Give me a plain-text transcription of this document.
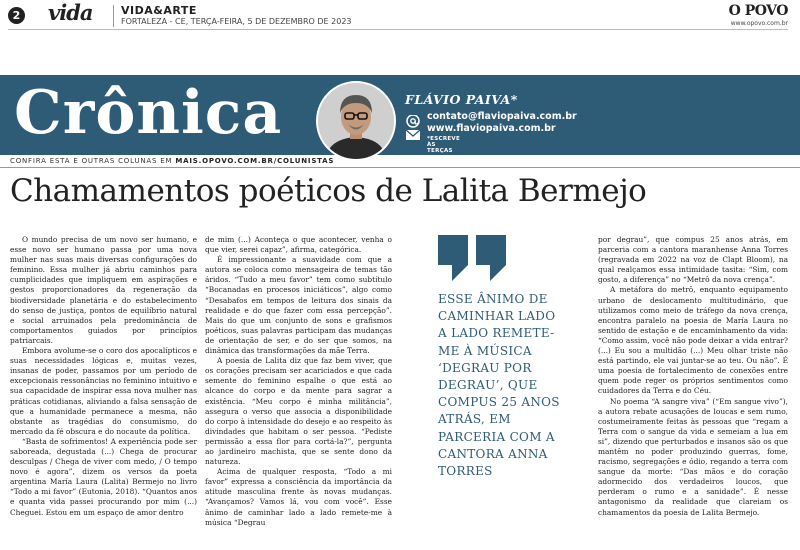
2 vida	VIDA&ARTE
FORTALEZA - CE, TERÇA-FEIRA, 5 DE DEZEMBRO DE 2023
O POVO
www.opovo.com.br
Crônica	FLÁVIO PAIVA*
contato@flaviopaiva.com.br
www.flaviopaiva.com.br
*ESCREVE ÀS TERÇAS
CONFIRA ESTA E OUTRAS COLUNAS EM MAIS.OPOVO.COM.BR/COLUNISTAS
Chamamentos poéticos de Lalita Bermejo

O mundo precisa de um novo ser humano, e esse novo ser humano passa por uma nova mulher nas suas mais diversas configurações do feminino. Essa mulher já abriu caminhos para cumplicidades que impliquem em aspirações e gestos proporcionadores da regeneração da biodiversidade planetária e do estabelecimento do senso de justiça, pontos de equilíbrio natural e social arruinados pela predominância de comportamentos guiados por princípios patriarcais.

Embora avolume-se o coro dos apocalípticos e suas necessidades lógicas e, muitas vezes, insanas de poder, passamos por um período de excepcionais ressonâncias no feminino intuitivo e sua capacidade de inspirar essa nova mulher nas práticas cotidianas, aliviando a falsa sensação de que a humanidade permanece a mesma, não obstante as tragédias do consumismo, do mercado da fé obscura e do nocaute da política.

“Basta de sofrimentos! A experiência pode ser saboreada, degustada (...) Chega de procurar desculpas / Chega de viver com medo, / O tempo novo é agora”, dizem os versos da poeta argentina María Laura (Lalita) Bermejo no livro “Todo a mi favor” (Eutonia, 2018). “Quantos anos e quanta vida passei procurando por mim (...) Cheguei. Estou em um espaço de amor dentro

de mim (...) Aconteça o que acontecer, venha o que vier, serei capaz”, afirma, categórica.

É impressionante a suavidade com que a autora se coloca como mensageira de temas tão áridos. “Tudo a meu favor” tem como subtítulo “Bocanadas en procesos iniciáticos”, algo como “Desabafos em tempos de leitura dos sinais da realidade e do que fazer com essa percepção”. Mais do que um conjunto de sons e grafismos poéticos, suas palavras participam das mudanças de orientação de ser, e do ser que somos, na dinâmica das transformações da mãe Terra.

A poesia de Lalita diz que faz bem viver, que os corações precisam ser acariciados e que cada semente do feminino espalhe o que está ao alcance do corpo e da mente para sagrar a existência. “Meu corpo é minha militância”, assegura o verso que associa a disponibilidade do corpo à intensidade do desejo e ao respeito às divindades que habitam o ser pessoa. “Pediste permissão a essa flor para cortá-la?”, pergunta ao jardineiro machista, que se sente dono da natureza.

Acima de qualquer resposta, “Todo a mi favor” expressa a consciência da importância da atitude masculina frente às novas mudanças. “Avançamos? Vamos lá, vou com você”. Esse ânimo de caminhar lado a lado remete-me à música “Degrau

ESSE ÂNIMO DE CAMINHAR LADO A LADO REMETE-ME À MÚSICA ‘DEGRAU POR DEGRAU’, QUE COMPUS 25 ANOS ATRÁS, EM PARCERIA COM A CANTORA ANNA TORRES

por degrau”, que compus 25 anos atrás, em parceria com a cantora maranhense Anna Torres (regravada em 2022 na voz de Clapt Bloom), na qual realçamos essa intimidade tasita: “Sim, com gosto, a diferença” no “Metrô da nova crença”.

A metáfora do metrô, enquanto equipamento urbano de deslocamento multitudinário, que utilizamos como meio de tráfego da nova crença, encontra paralelo na poesia de María Laura no sentido de estação e de encaminhamento da vida: “Como assim, você não pode deixar a vida entrar? (...) Eu sou a multidão (...) Meu olhar triste não está partindo, ele vai juntar-se ao teu. Ou não”. É uma poesia de fortalecimento de conexões entre quem pode reger os próprios sentimentos como cuidadores da Terra e do Céu.

No poema “A sangre viva” (“Em sangue vivo”), a autora rebate acusações de loucas e sem rumo, costumeiramente feitas às pessoas que “regam a Terra com o sangue da vida e semeiam a lua em si”, dizendo que perturbados e insanos são os que mantêm no poder produzindo guerras, fome, racismo, segregações e ódio, regando a terra com sangue da morte: “Das mãos e do coração adormecido dos verdadeiros loucos, que perderam o rumo e a sanidade”. É nesse antagonismo da realidade que clareiam os chamamentos da poesia de Lalita Bermejo.
